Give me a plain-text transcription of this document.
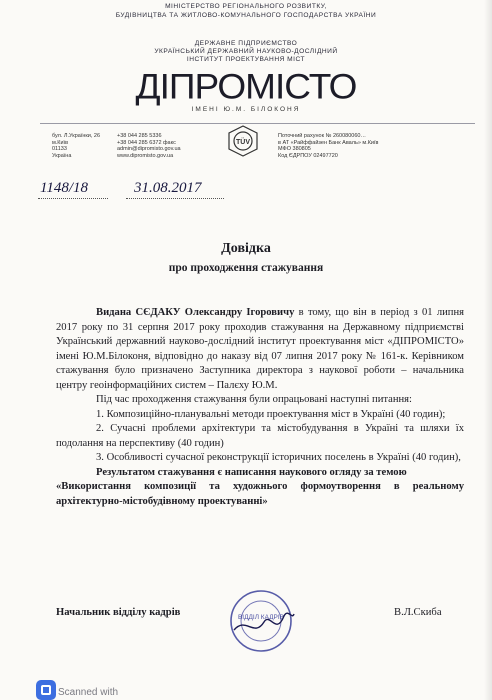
МІНІСТЕРСТВО РЕГІОНАЛЬНОГО РОЗВИТКУ,
БУДІВНИЦТВА ТА ЖИТЛОВО-КОМУНАЛЬНОГО ГОСПОДАРСТВА УКРАЇНИ
ДЕРЖАВНЕ ПІДПРИЄМСТВО
УКРАЇНСЬКИЙ ДЕРЖАВНИЙ НАУКОВО-ДОСЛІДНИЙ
ІНСТИТУТ ПРОЕКТУВАННЯ МІСТ
ДІПРОМІСТО
ІМЕНІ Ю.М. БІЛОКОНЯ
бул. Л.Українки, 26
м.Київ
01133
Україна
+38 044 285 5336
+38 044 285 6372 факс
admin@dipromisto.gov.ua
www.dipromisto.gov.ua
TÜV
Поточний рахунок № 260080060…
в АТ «Райффайзен Банк Аваль» м.Київ
МФО 380805
Код ЄДРПОУ 02497720
1148/18	31.08.2017
Довідка
про проходження стажування

Видана СЄДАКУ Олександру Ігоровичу в тому, що він в період з 01 липня 2017 року по 31 серпня 2017 року проходив стажування на Державному підприємстві Український державний науково-дослідний інститут проектування міст «ДІПРОМІСТО» імені Ю.М.Білоконя, відповідно до наказу від 07 липня 2017 року № 161-к. Керівником стажування було призначено Заступника директора з наукової роботи – начальника центру геоінформаційних систем – Палєху Ю.М.

Під час проходження стажування були опрацьовані наступні питання:

1. Композиційно-планувальні методи проектування міст в Україні (40 годин);

2. Сучасні проблеми архітектури та містобудування в Україні та шляхи їх подолання на перспективу (40 годин)

3. Особливості сучасної реконструкції історичних поселень в Україні (40 годин),

Результатом стажування є написання наукового огляду за темою

«Використання композиції та художнього формоутворення в реальному архітектурно-містобудівному проектуванні»

ВІДДІЛ КАДРІВ
Начальник відділу кадрів	В.Л.Скиба
Scanned with
